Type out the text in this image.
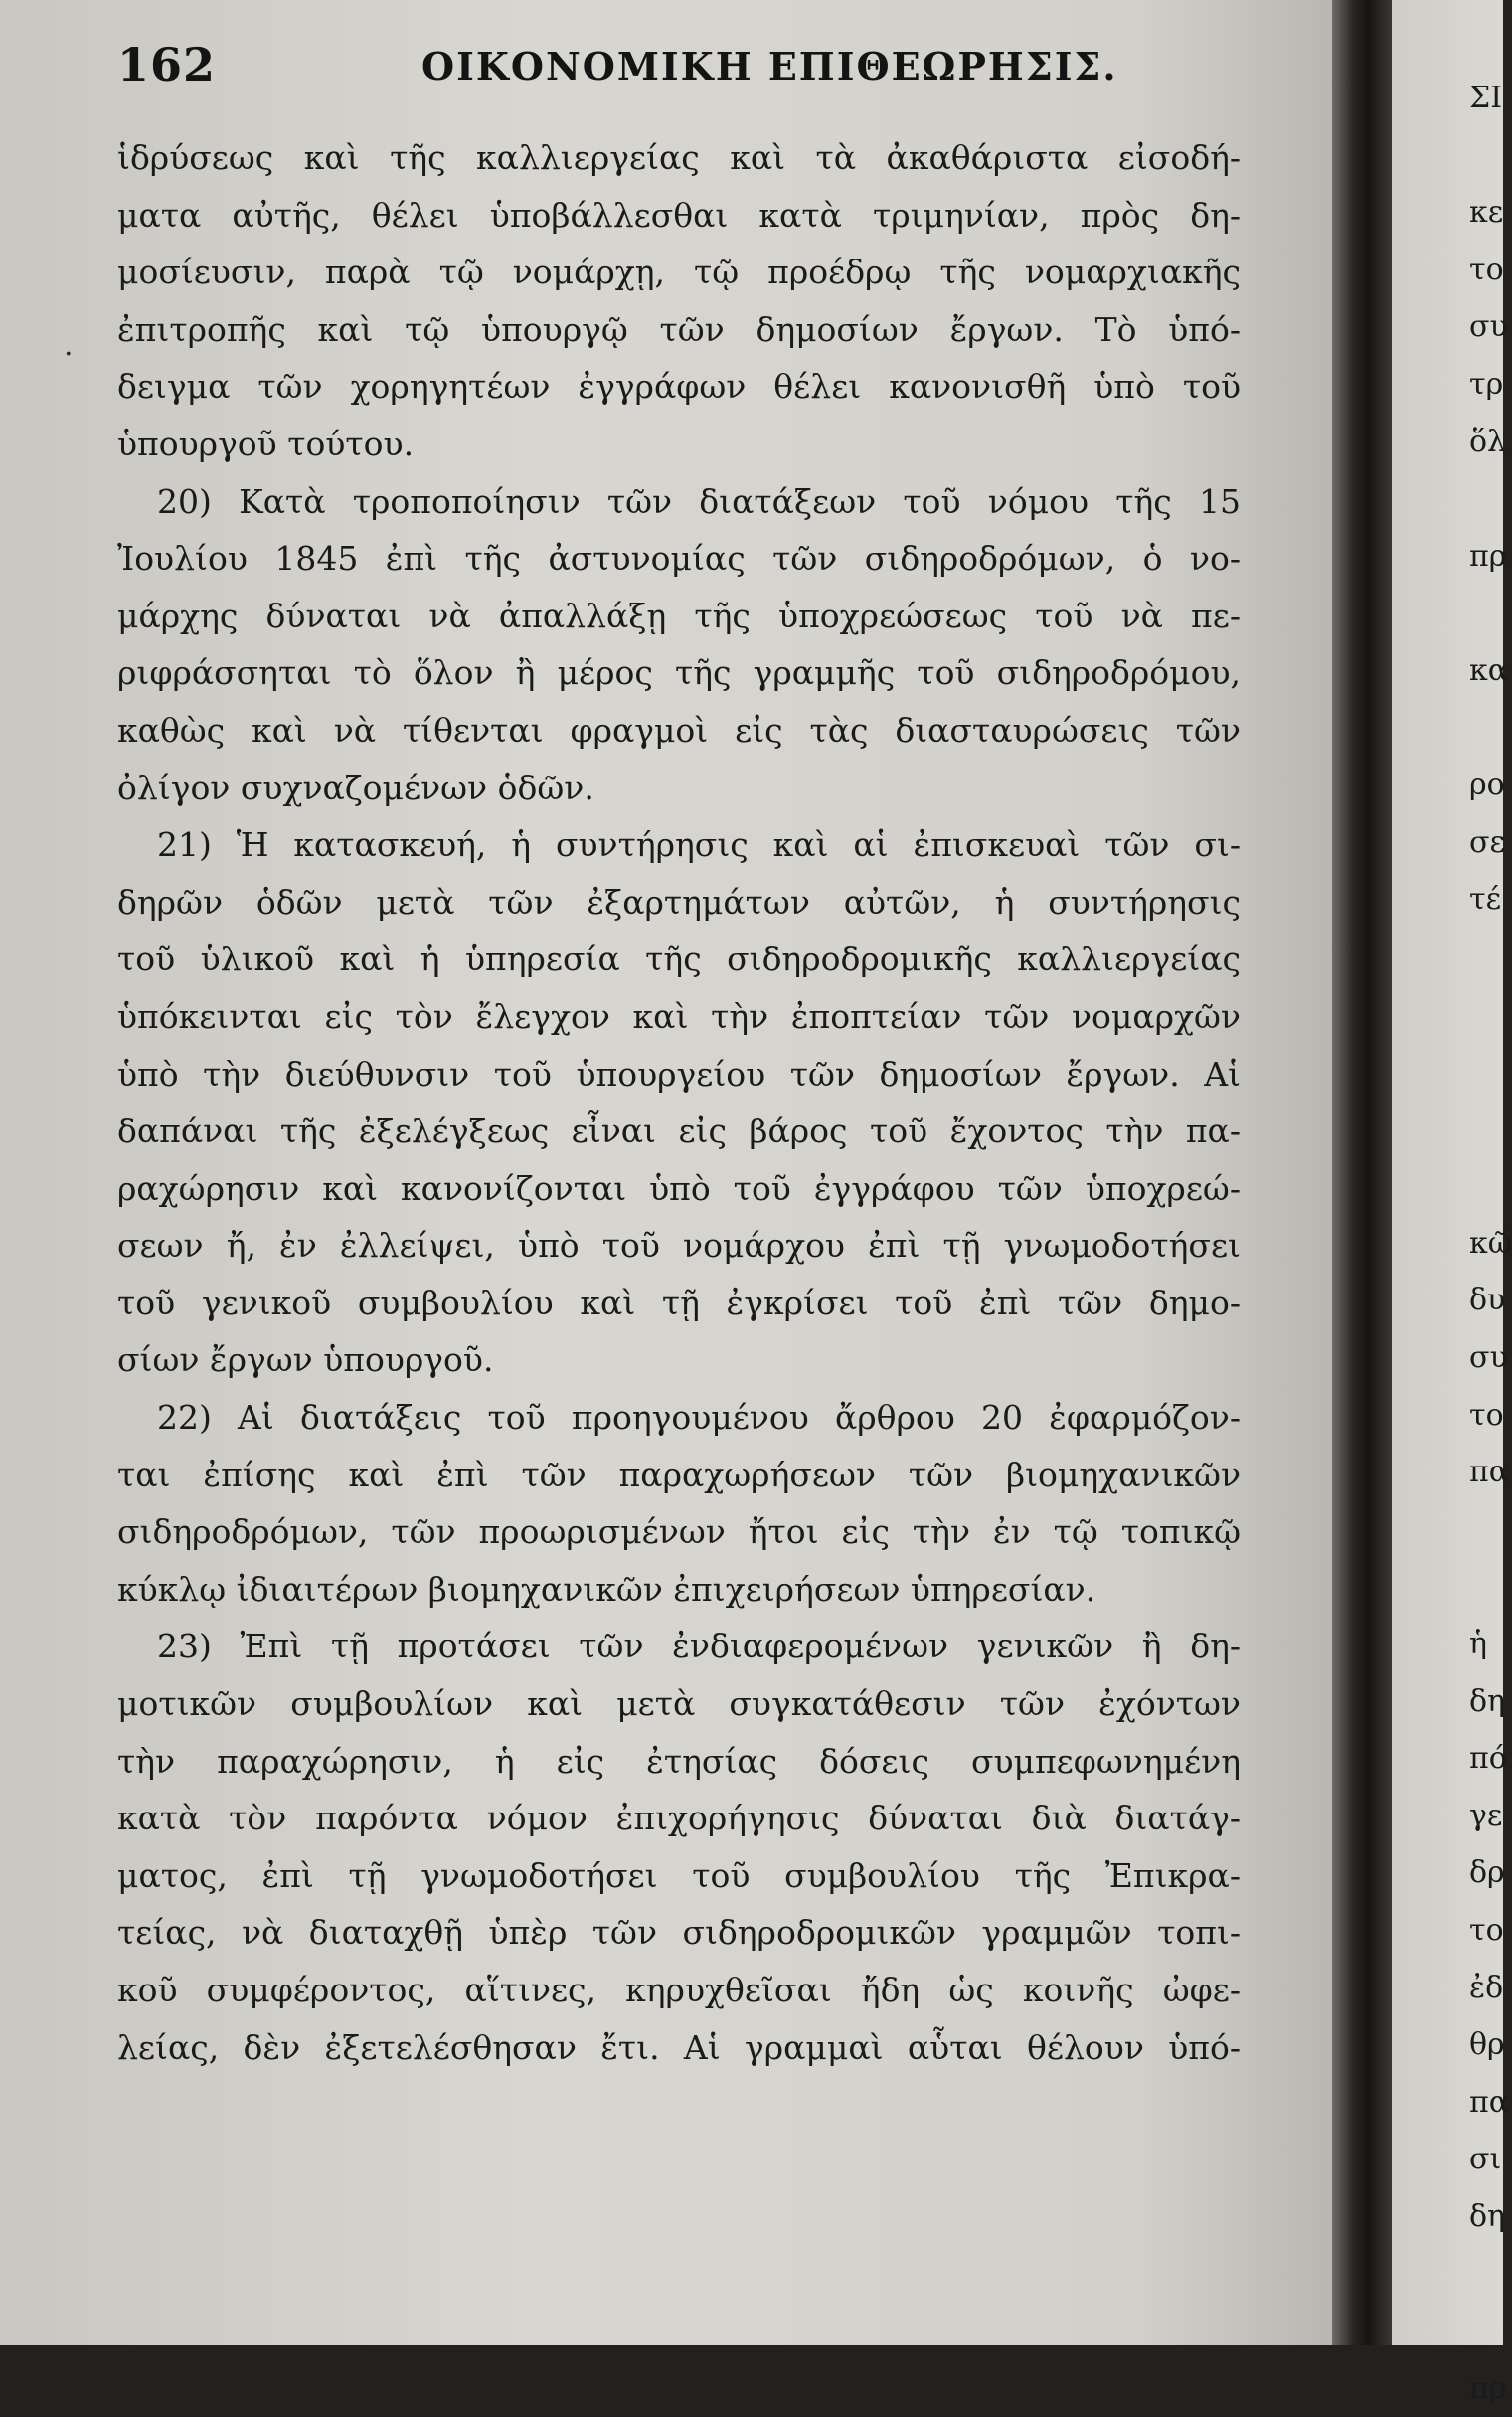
162	ΟΙΚΟΝΟΜΙΚΗ ΕΠΙΘΕΩΡΗΣΙΣ.
.
ἱδρύσεως καὶ τῆς καλλιεργείας καὶ τὰ ἀκαθάριστα εἰσοδή-
ματα αὐτῆς, θέλει ὑποβάλλεσθαι κατὰ τριμηνίαν, πρὸς δη-
μοσίευσιν, παρὰ τῷ νομάρχῃ, τῷ προέδρῳ τῆς νομαρχιακῆς
ἐπιτροπῆς καὶ τῷ ὑπουργῷ τῶν δημοσίων ἔργων. Τὸ ὑπό-
δειγμα τῶν χορηγητέων ἐγγράφων θέλει κανονισθῆ ὑπὸ τοῦ
ὑπουργοῦ τούτου.
20) Κατὰ τροποποίησιν τῶν διατάξεων τοῦ νόμου τῆς 15
Ἰουλίου 1845 ἐπὶ τῆς ἀστυνομίας τῶν σιδηροδρόμων, ὁ νο-
μάρχης δύναται νὰ ἀπαλλάξῃ τῆς ὑποχρεώσεως τοῦ νὰ πε-
ριφράσσηται τὸ ὅλον ἢ μέρος τῆς γραμμῆς τοῦ σιδηροδρόμου,
καθὼς καὶ νὰ τίθενται φραγμοὶ εἰς τὰς διασταυρώσεις τῶν
ὀλίγον συχναζομένων ὁδῶν.
21) Ἡ κατασκευή, ἡ συντήρησις καὶ αἱ ἐπισκευαὶ τῶν σι-
δηρῶν ὁδῶν μετὰ τῶν ἐξαρτημάτων αὐτῶν, ἡ συντήρησις
τοῦ ὑλικοῦ καὶ ἡ ὑπηρεσία τῆς σιδηροδρομικῆς καλλιεργείας
ὑπόκεινται εἰς τὸν ἔλεγχον καὶ τὴν ἐποπτείαν τῶν νομαρχῶν
ὑπὸ τὴν διεύθυνσιν τοῦ ὑπουργείου τῶν δημοσίων ἔργων. Αἱ
δαπάναι τῆς ἐξελέγξεως εἶναι εἰς βάρος τοῦ ἔχοντος τὴν πα-
ραχώρησιν καὶ κανονίζονται ὑπὸ τοῦ ἐγγράφου τῶν ὑποχρεώ-
σεων ἤ, ἐν ἐλλείψει, ὑπὸ τοῦ νομάρχου ἐπὶ τῇ γνωμοδοτήσει
τοῦ γενικοῦ συμβουλίου καὶ τῇ ἐγκρίσει τοῦ ἐπὶ τῶν δημο-
σίων ἔργων ὑπουργοῦ.
22) Αἱ διατάξεις τοῦ προηγουμένου ἄρθρου 20 ἐφαρμόζον-
ται ἐπίσης καὶ ἐπὶ τῶν παραχωρήσεων τῶν βιομηχανικῶν
σιδηροδρόμων, τῶν προωρισμένων ἤτοι εἰς τὴν ἐν τῷ τοπικῷ
κύκλῳ ἰδιαιτέρων βιομηχανικῶν ἐπιχειρήσεων ὑπηρεσίαν.
23) Ἐπὶ τῇ προτάσει τῶν ἐνδιαφερομένων γενικῶν ἢ δη-
μοτικῶν συμβουλίων καὶ μετὰ συγκατάθεσιν τῶν ἐχόντων
τὴν παραχώρησιν, ἡ εἰς ἐτησίας δόσεις συμπεφωνημένη
κατὰ τὸν παρόντα νόμον ἐπιχορήγησις δύναται διὰ διατάγ-
ματος, ἐπὶ τῇ γνωμοδοτήσει τοῦ συμβουλίου τῆς Ἐπικρα-
τείας, νὰ διαταχθῇ ὑπὲρ τῶν σιδηροδρομικῶν γραμμῶν τοπι-
κοῦ συμφέροντος, αἵτινες, κηρυχθεῖσαι ἤδη ὡς κοινῆς ὠφε-
λείας, δὲν ἐξετελέσθησαν ἔτι. Αἱ γραμμαὶ αὗται θέλουν ὑπό-
ΣΙ
κε
το
συ
τρ
ὅλ
πρ
κα
ρο
σε
τέ
κῶ
δυ
συ
το
πα
ἡ
δη
πό
γε
δρ
το
ἐδ
θρ
πα
σι
δη
πρ
